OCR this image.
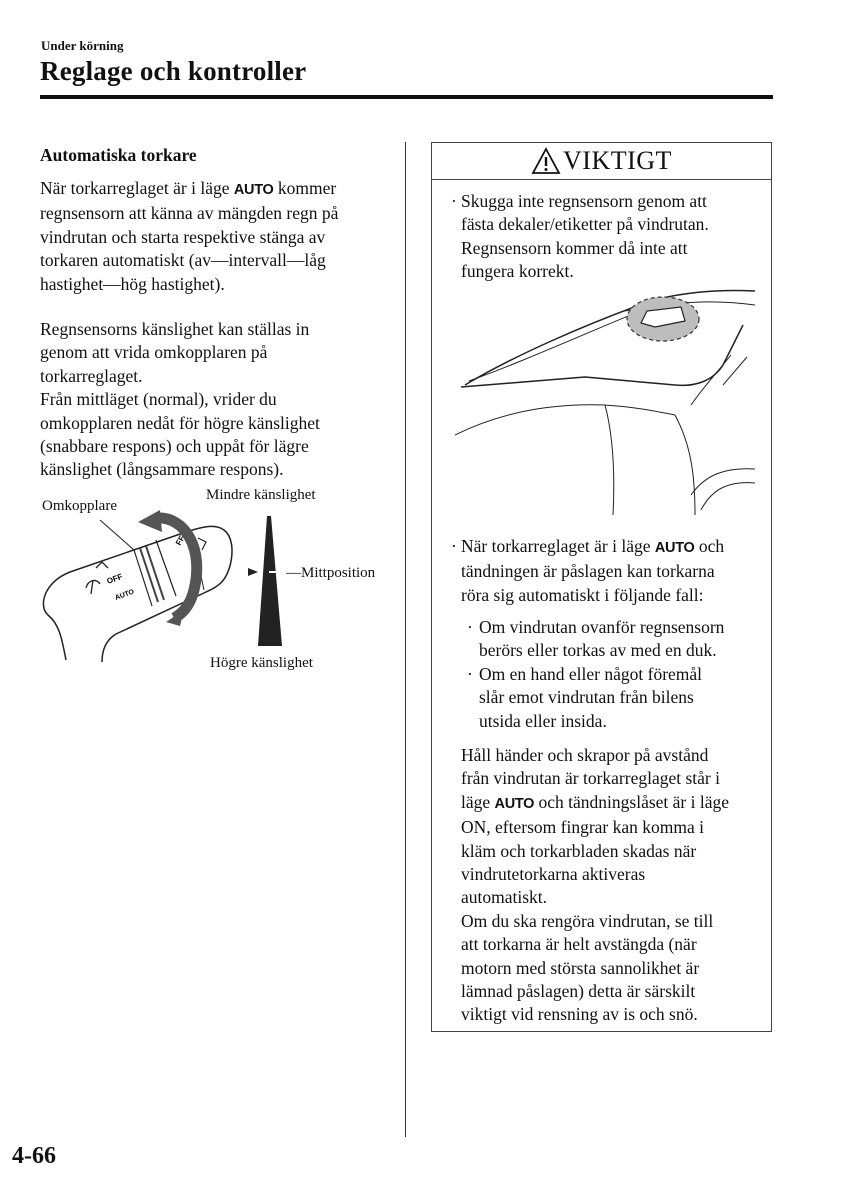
Under körning
Reglage och kontroller
Automatiska torkare
När torkarreglaget är i läge AUTO kommer
regnsensorn att känna av mängden regn på
vindrutan och starta respektive stänga av
torkaren automatiskt (av—intervall—låg
hastighet—hög hastighet).
Regnsensorns känslighet kan ställas in
genom att vrida omkopplaren på
torkarreglaget.
Från mittläget (normal), vrider du
omkopplaren nedåt för högre känslighet
(snabbare respons) och uppåt för lägre
känslighet (långsammare respons).
Omkopplare
Mindre känslighet
—Mittposition
Högre känslighet
OFF
AUTO
FF
VIKTIGT
· Skugga inte regnsensorn genom att
fästa dekaler/etiketter på vindrutan.
Regnsensorn kommer då inte att
fungera korrekt.
· När torkarreglaget är i läge AUTO och
tändningen är påslagen kan torkarna
röra sig automatiskt i följande fall:
· Om vindrutan ovanför regnsensorn
berörs eller torkas av med en duk.
· Om en hand eller något föremål
slår emot vindrutan från bilens
utsida eller insida.
Håll händer och skrapor på avstånd
från vindrutan är torkarreglaget står i
läge AUTO och tändningslåset är i läge
ON, eftersom fingrar kan komma i
kläm och torkarbladen skadas när
vindrutetorkarna aktiveras
automatiskt.
Om du ska rengöra vindrutan, se till
att torkarna är helt avstängda (när
motorn med största sannolikhet är
lämnad påslagen) detta är särskilt
viktigt vid rensning av is och snö.
4-66
